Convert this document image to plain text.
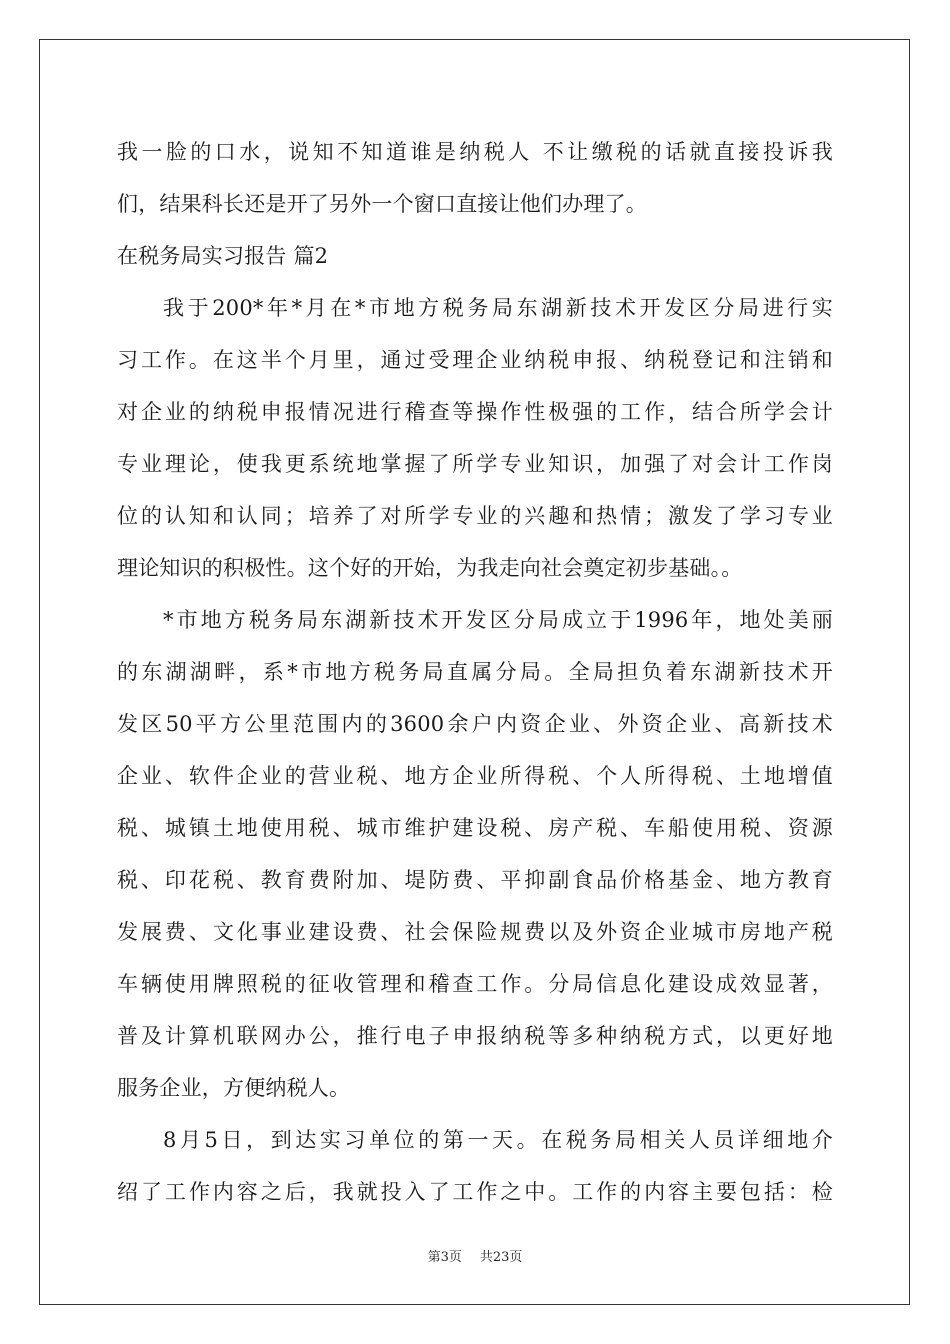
我一脸的口水，说知不知道谁是纳税人 不让缴税的话就直接投诉我
们，结果科长还是开了另外一个窗口直接让他们办理了。
在税务局实习报告 篇2
我于200*年*月在*市地方税务局东湖新技术开发区分局进行实
习工作。在这半个月里，通过受理企业纳税申报、纳税登记和注销和
对企业的纳税申报情况进行稽查等操作性极强的工作，结合所学会计
专业理论，使我更系统地掌握了所学专业知识，加强了对会计工作岗
位的认知和认同；培养了对所学专业的兴趣和热情；激发了学习专业
理论知识的积极性。这个好的开始，为我走向社会奠定初步基础。。
*市地方税务局东湖新技术开发区分局成立于1996年，地处美丽
的东湖湖畔，系*市地方税务局直属分局。全局担负着东湖新技术开
发区50平方公里范围内的3600余户内资企业、外资企业、高新技术
企业、软件企业的营业税、地方企业所得税、个人所得税、土地增值
税、城镇土地使用税、城市维护建设税、房产税、车船使用税、资源
税、印花税、教育费附加、堤防费、平抑副食品价格基金、地方教育
发展费、文化事业建设费、社会保险规费以及外资企业城市房地产税
车辆使用牌照税的征收管理和稽查工作。分局信息化建设成效显著，
普及计算机联网办公，推行电子申报纳税等多种纳税方式，以更好地
服务企业，方便纳税人。
8月5日，到达实习单位的第一天。在税务局相关人员详细地介
绍了工作内容之后，我就投入了工作之中。工作的内容主要包括：检
第3页 共23页
